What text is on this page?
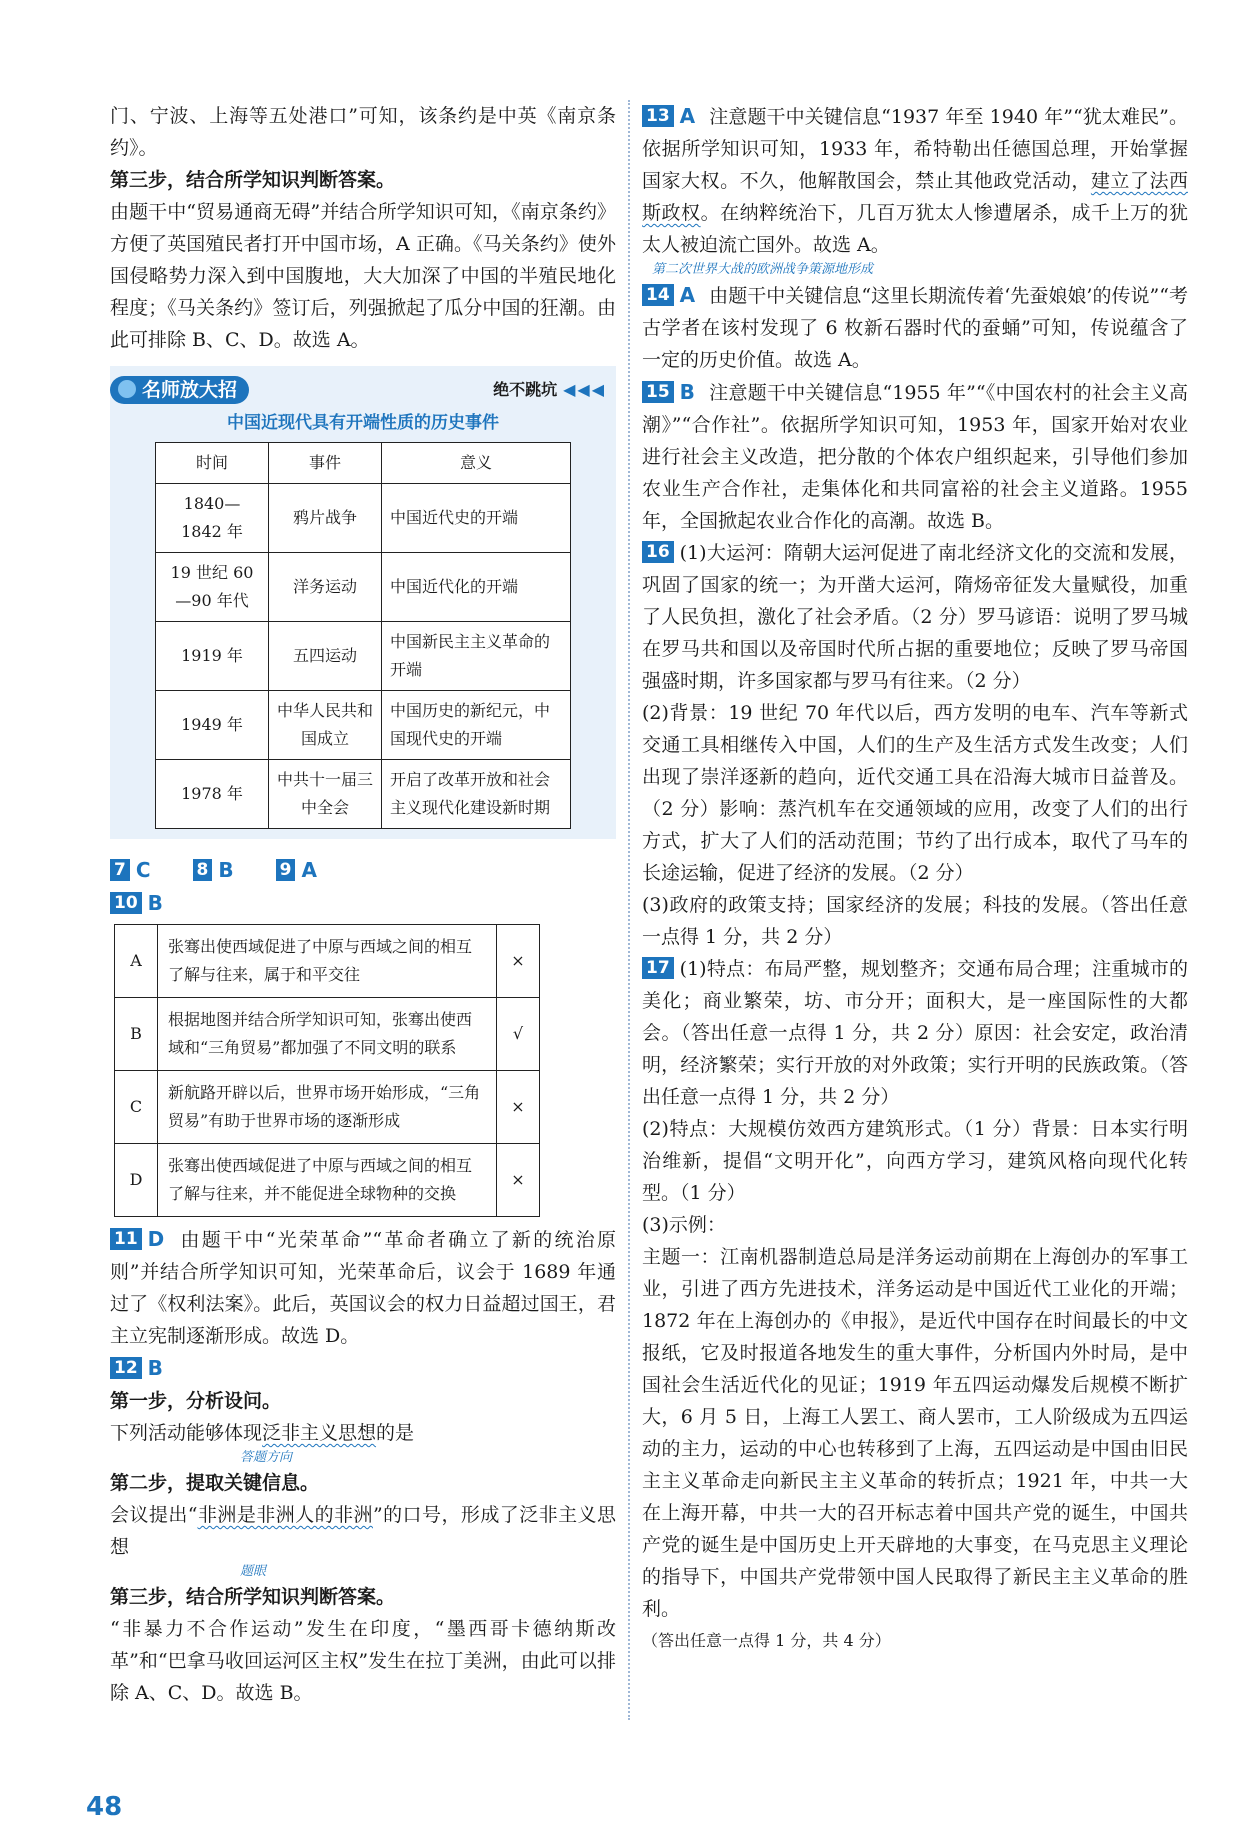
门、宁波、上海等五处港口”可知，该条约是中英《南京条约》。

第三步，结合所学知识判断答案。

由题干中“贸易通商无碍”并结合所学知识可知，《南京条约》方便了英国殖民者打开中国市场，A 正确。《马关条约》使外国侵略势力深入到中国腹地，大大加深了中国的半殖民地化程度；《马关条约》签订后，列强掀起了瓜分中国的狂潮。由此可排除 B、C、D。故选 A。

名师放大招	绝不跳坑 ◀◀◀
中国近现代具有开端性质的历史事件
时间	事件	意义
1840—1842 年	鸦片战争	中国近代史的开端
19 世纪 60—90 年代	洋务运动	中国近代化的开端
1919 年	五四运动	中国新民主主义革命的开端
1949 年	中华人民共和国成立	中国历史的新纪元，中国现代史的开端
1978 年	中共十一届三中全会	开启了改革开放和社会主义现代化建设新时期
7 C	8 B	9 A

10 B

A	张骞出使西域促进了中原与西域之间的相互了解与往来，属于和平交往	×
B	根据地图并结合所学知识可知，张骞出使西域和“三角贸易”都加强了不同文明的联系	√
C	新航路开辟以后，世界市场开始形成，“三角贸易”有助于世界市场的逐渐形成	×
D	张骞出使西域促进了中原与西域之间的相互了解与往来，并不能促进全球物种的交换	×

11 D 由题干中“光荣革命”“革命者确立了新的统治原则”并结合所学知识可知，光荣革命后，议会于 1689 年通过了《权利法案》。此后，英国议会的权力日益超过国王，君主立宪制逐渐形成。故选 D。

12 B

第一步，分析设问。

下列活动能够体现泛非主义思想的是

答题方向

第二步，提取关键信息。

会议提出“非洲是非洲人的非洲”的口号，形成了泛非主义思想

题眼

第三步，结合所学知识判断答案。

“非暴力不合作运动”发生在印度，“墨西哥卡德纳斯改革”和“巴拿马收回运河区主权”发生在拉丁美洲，由此可以排除 A、C、D。故选 B。

13 A 注意题干中关键信息“1937 年至 1940 年”“犹太难民”。依据所学知识可知，1933 年，希特勒出任德国总理，开始掌握国家大权。不久，他解散国会，禁止其他政党活动，建立了法西斯政权。在纳粹统治下，几百万犹太人惨遭屠杀，成千上万的犹太人被迫流亡国外。故选 A。

第二次世界大战的欧洲战争策源地形成

14 A 由题干中关键信息“这里长期流传着‘先蚕娘娘’的传说”“考古学者在该村发现了 6 枚新石器时代的蚕蛹”可知，传说蕴含了一定的历史价值。故选 A。

15 B 注意题干中关键信息“1955 年”“《中国农村的社会主义高潮》”“合作社”。依据所学知识可知，1953 年，国家开始对农业进行社会主义改造，把分散的个体农户组织起来，引导他们参加农业生产合作社，走集体化和共同富裕的社会主义道路。1955 年，全国掀起农业合作化的高潮。故选 B。

16 (1)大运河：隋朝大运河促进了南北经济文化的交流和发展，巩固了国家的统一；为开凿大运河，隋炀帝征发大量赋役，加重了人民负担，激化了社会矛盾。（2 分）罗马谚语：说明了罗马城在罗马共和国以及帝国时代所占据的重要地位；反映了罗马帝国强盛时期，许多国家都与罗马有往来。（2 分）

(2)背景：19 世纪 70 年代以后，西方发明的电车、汽车等新式交通工具相继传入中国，人们的生产及生活方式发生改变；人们出现了崇洋逐新的趋向，近代交通工具在沿海大城市日益普及。（2 分）影响：蒸汽机车在交通领域的应用，改变了人们的出行方式，扩大了人们的活动范围；节约了出行成本，取代了马车的长途运输，促进了经济的发展。（2 分）

(3)政府的政策支持；国家经济的发展；科技的发展。（答出任意一点得 1 分，共 2 分）

17 (1)特点：布局严整，规划整齐；交通布局合理；注重城市的美化；商业繁荣，坊、市分开；面积大，是一座国际性的大都会。（答出任意一点得 1 分，共 2 分）原因：社会安定，政治清明，经济繁荣；实行开放的对外政策；实行开明的民族政策。（答出任意一点得 1 分，共 2 分）

(2)特点：大规模仿效西方建筑形式。（1 分）背景：日本实行明治维新，提倡“文明开化”，向西方学习，建筑风格向现代化转型。（1 分）

(3)示例：

主题一：江南机器制造总局是洋务运动前期在上海创办的军事工业，引进了西方先进技术，洋务运动是中国近代工业化的开端；1872 年在上海创办的《申报》，是近代中国存在时间最长的中文报纸，它及时报道各地发生的重大事件，分析国内外时局，是中国社会生活近代化的见证；1919 年五四运动爆发后规模不断扩大，6 月 5 日，上海工人罢工、商人罢市，工人阶级成为五四运动的主力，运动的中心也转移到了上海，五四运动是中国由旧民主主义革命走向新民主主义革命的转折点；1921 年，中共一大在上海开幕，中共一大的召开标志着中国共产党的诞生，中国共产党的诞生是中国历史上开天辟地的大事变，在马克思主义理论的指导下，中国共产党带领中国人民取得了新民主主义革命的胜利。

（答出任意一点得 1 分，共 4 分）

48
